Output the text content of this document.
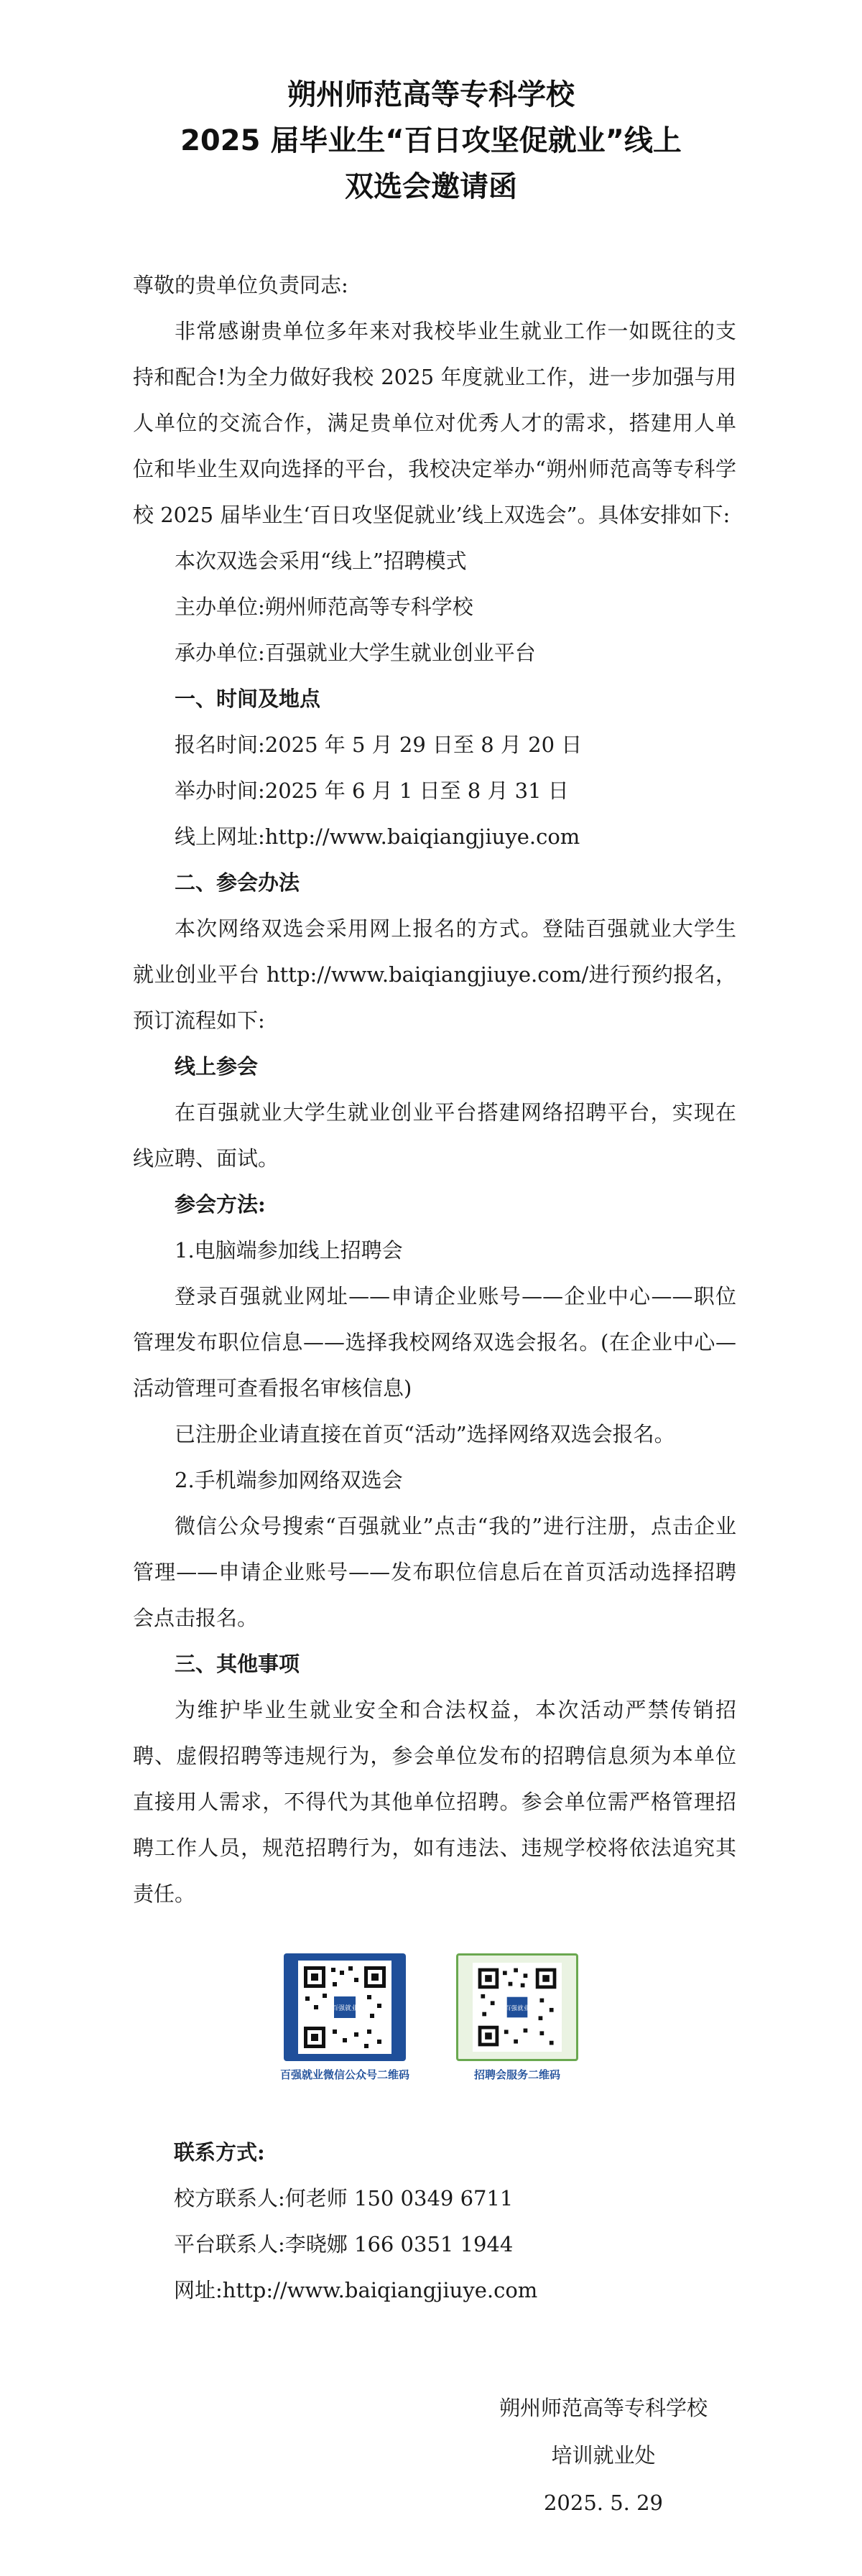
朔州师范高等专科学校
2025 届毕业生“百日攻坚促就业”线上
双选会邀请函

尊敬的贵单位负责同志:

非常感谢贵单位多年来对我校毕业生就业工作一如既往的支持和配合!为全力做好我校 2025 年度就业工作，进一步加强与用人单位的交流合作，满足贵单位对优秀人才的需求，搭建用人单位和毕业生双向选择的平台，我校决定举办“朔州师范高等专科学校 2025 届毕业生‘百日攻坚促就业’线上双选会”。具体安排如下:

本次双选会采用“线上”招聘模式

主办单位:朔州师范高等专科学校

承办单位:百强就业大学生就业创业平台

一、时间及地点

报名时间:2025 年 5 月 29 日至 8 月 20 日

举办时间:2025 年 6 月 1 日至 8 月 31 日

线上网址:http://www.baiqiangjiuye.com

二、参会办法

本次网络双选会采用网上报名的方式。登陆百强就业大学生就业创业平台 http://www.baiqiangjiuye.com/进行预约报名，预订流程如下:

线上参会

在百强就业大学生就业创业平台搭建网络招聘平台，实现在线应聘、面试。

参会方法:

1.电脑端参加线上招聘会

登录百强就业网址——申请企业账号——企业中心——职位管理发布职位信息——选择我校网络双选会报名。(在企业中心—活动管理可查看报名审核信息)

已注册企业请直接在首页“活动”选择网络双选会报名。

2.手机端参加网络双选会

微信公众号搜索“百强就业”点击“我的”进行注册，点击企业管理——申请企业账号——发布职位信息后在首页活动选择招聘会点击报名。

三、其他事项

为维护毕业生就业安全和合法权益，本次活动严禁传销招聘、虚假招聘等违规行为，参会单位发布的招聘信息须为本单位直接用人需求，不得代为其他单位招聘。参会单位需严格管理招聘工作人员，规范招聘行为，如有违法、违规学校将依法追究其责任。

百强就业
百强就业微信公众号二维码
百强就业
招聘会服务二维码

联系方式:

校方联系人:何老师 150 0349 6711

平台联系人:李晓娜 166 0351 1944

网址:http://www.baiqiangjiuye.com

朔州师范高等专科学校

培训就业处

2025. 5. 29
